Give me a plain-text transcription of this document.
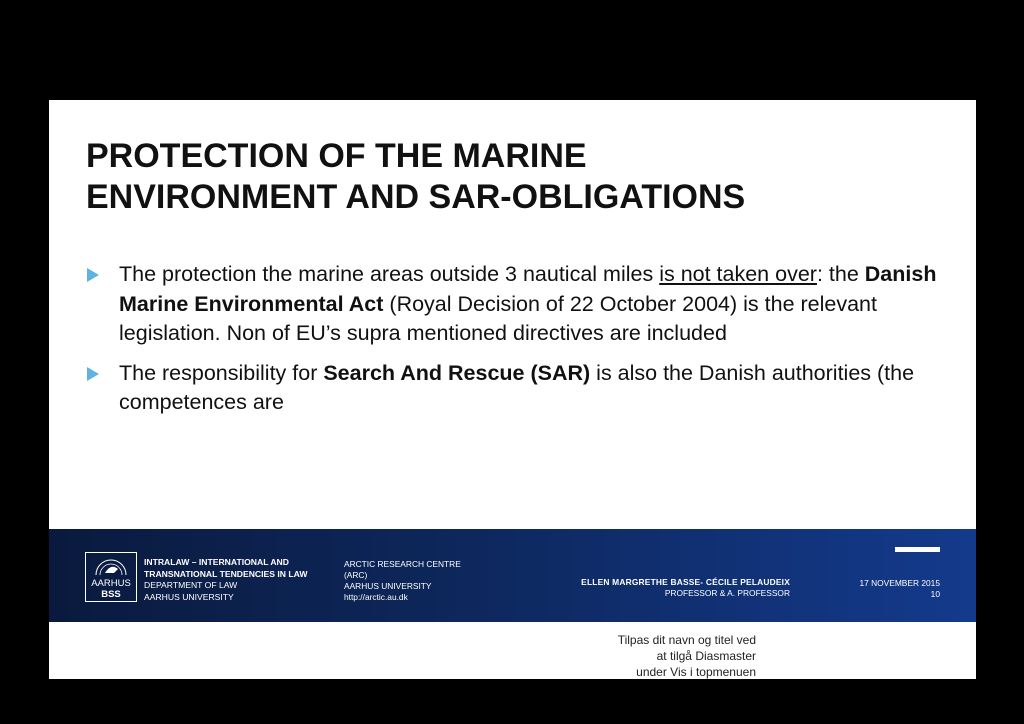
PROTECTION OF THE MARINE
ENVIRONMENT AND SAR-OBLIGATIONS
The protection the marine areas outside 3 nautical miles is not taken over: the Danish Marine Environmental Act (Royal Decision of 22 October 2004) is the relevant legislation. Non of EU’s supra mentioned directives are included
The responsibility for Search And Rescue (SAR) is also the Danish authorities (the competences are
AARHUS
BSS
INTRALAW – INTERNATIONAL AND
TRANSNATIONAL TENDENCIES IN LAW
DEPARTMENT OF LAW
AARHUS UNIVERSITY
ARCTIC RESEARCH CENTRE
(ARC)
AARHUS UNIVERSITY
http://arctic.au.dk
ELLEN MARGRETHE BASSE- CÉCILE PELAUDEIX
PROFESSOR & A. PROFESSOR
17 NOVEMBER 2015
10
Tilpas dit navn og titel ved
at tilgå Diasmaster
under Vis i topmenuen
